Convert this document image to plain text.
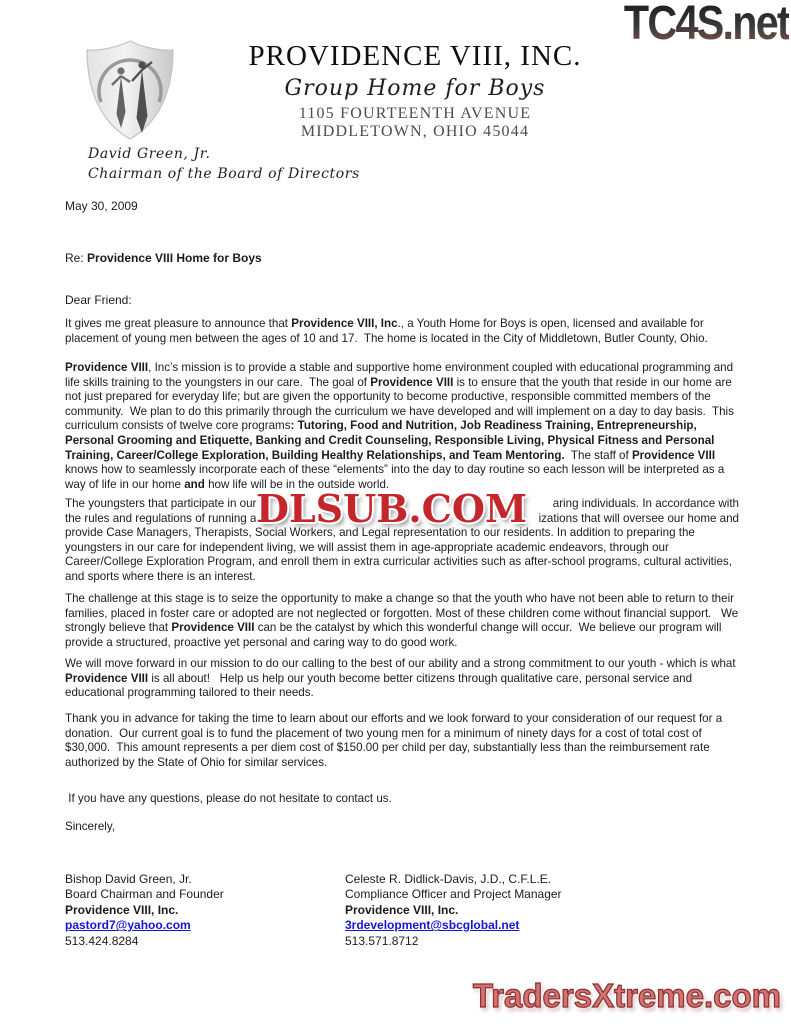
TC4S.net
PROVIDENCE VIII, INC.
Group Home for Boys
1105 FOURTEENTH AVENUE
MIDDLETOWN, OHIO 45044
David Green, Jr.
Chairman of the Board of Directors
May 30, 2009
Re: Providence VIII Home for Boys
Dear Friend:

It gives me great pleasure to announce that Providence VIII, Inc., a Youth Home for Boys is open, licensed and available for placement of young men between the ages of 10 and 17.  The home is located in the City of Middletown, Butler County, Ohio.

Providence VIII, Inc’s mission is to provide a stable and supportive home environment coupled with educational programming and life skills training to the youngsters in our care.  The goal of Providence VIII is to ensure that the youth that reside in our home are not just prepared for everyday life; but are given the opportunity to become productive, responsible committed members of the community.  We plan to do this primarily through the curriculum we have developed and will implement on a day to day basis.  This curriculum consists of twelve core programs: Tutoring, Food and Nutrition, Job Readiness Training, Entrepreneurship, Personal Grooming and Etiquette, Banking and Credit Counseling, Responsible Living, Physical Fitness and Personal Training, Career/College Exploration, Building Healthy Relationships, and Team Mentoring.  The staff of Providence VIII knows how to seamlessly incorporate each of these “elements” into the day to day routine so each lesson will be interpreted as a way of life in our home and how life will be in the outside world.

The youngsters that participate in our	aring individuals. In accordance with
the rules and regulations of running a	izations that will oversee our home and
provide Case Managers, Therapists, Social Workers, and Legal representation to our residents. In addition to preparing the
youngsters in our care for independent living, we will assist them in age-appropriate academic endeavors, through our
Career/College Exploration Program, and enroll them in extra curricular activities such as after-school programs, cultural activities,
and sports where there is an interest.

The challenge at this stage is to seize the opportunity to make a change so that the youth who have not been able to return to their families, placed in foster care or adopted are not neglected or forgotten. Most of these children come without financial support.   We strongly believe that Providence VIII can be the catalyst by which this wonderful change will occur.  We believe our program will provide a structured, proactive yet personal and caring way to do good work.

We will move forward in our mission to do our calling to the best of our ability and a strong commitment to our youth - which is what Providence VIII is all about!   Help us help our youth become better citizens through qualitative care, personal service and educational programming tailored to their needs.

Thank you in advance for taking the time to learn about our efforts and we look forward to your consideration of our request for a donation.  Our current goal is to fund the placement of two young men for a minimum of ninety days for a cost of total cost of $30,000.  This amount represents a per diem cost of $150.00 per child per day, substantially less than the reimbursement rate authorized by the State of Ohio for similar services.

If you have any questions, please do not hesitate to contact us.

Sincerely,

DLSUB.COM
Bishop David Green, Jr.
Board Chairman and Founder
Providence VIII, Inc.
pastord7@yahoo.com
513.424.8284
Celeste R. Didlick-Davis, J.D., C.F.L.E.
Compliance Officer and Project Manager
Providence VIII, Inc.
3rdevelopment@sbcglobal.net
513.571.8712
TradersXtreme.com
